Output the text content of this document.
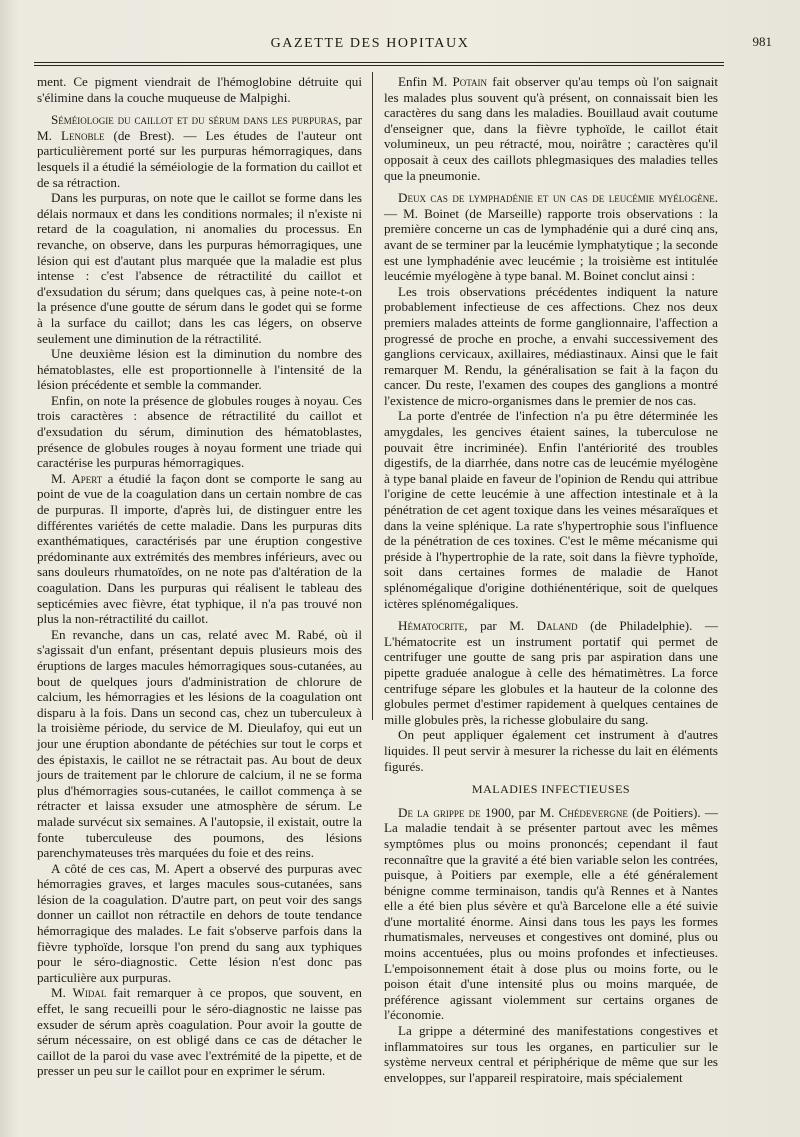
GAZETTE DES HOPITAUX	981

ment. Ce pigment viendrait de l'hémoglobine détruite qui s'élimine dans la couche muqueuse de Malpighi.

Séméiologie du caillot et du sérum dans les purpuras, par M. Lenoble (de Brest). — Les études de l'auteur ont particulièrement porté sur les purpuras hémorragiques, dans lesquels il a étudié la séméiologie de la formation du caillot et de sa rétraction.

Dans les purpuras, on note que le caillot se forme dans les délais normaux et dans les conditions normales; il n'existe ni retard de la coagulation, ni anomalies du processus. En revanche, on observe, dans les purpuras hémorragiques, une lésion qui est d'autant plus marquée que la maladie est plus intense : c'est l'absence de rétractilité du caillot et d'exsudation du sérum; dans quelques cas, à peine note-t-on la présence d'une goutte de sérum dans le godet qui se forme à la surface du caillot; dans les cas légers, on observe seulement une diminution de la rétractilité.

Une deuxième lésion est la diminution du nombre des hématoblastes, elle est proportionnelle à l'intensité de la lésion précédente et semble la commander.

Enfin, on note la présence de globules rouges à noyau. Ces trois caractères : absence de rétractilité du caillot et d'exsudation du sérum, diminution des hématoblastes, présence de globules rouges à noyau forment une triade qui caractérise les purpuras hémorragiques.

M. Apert a étudié la façon dont se comporte le sang au point de vue de la coagulation dans un certain nombre de cas de purpuras. Il importe, d'après lui, de distinguer entre les différentes variétés de cette maladie. Dans les purpuras dits exanthématiques, caractérisés par une éruption congestive prédominante aux extrémités des membres inférieurs, avec ou sans douleurs rhumatoïdes, on ne note pas d'altération de la coagulation. Dans les purpuras qui réalisent le tableau des septicémies avec fièvre, état typhique, il n'a pas trouvé non plus la non-rétractilité du caillot.

En revanche, dans un cas, relaté avec M. Rabé, où il s'agissait d'un enfant, présentant depuis plusieurs mois des éruptions de larges macules hémorragiques sous-cutanées, au bout de quelques jours d'administration de chlorure de calcium, les hémorragies et les lésions de la coagulation ont disparu à la fois. Dans un second cas, chez un tuberculeux à la troisième période, du service de M. Dieulafoy, qui eut un jour une éruption abondante de pétéchies sur tout le corps et des épistaxis, le caillot ne se rétractait pas. Au bout de deux jours de traitement par le chlorure de calcium, il ne se forma plus d'hémorragies sous-cutanées, le caillot commença à se rétracter et laissa exsuder une atmosphère de sérum. Le malade survécut six semaines. A l'autopsie, il existait, outre la fonte tuberculeuse des poumons, des lésions parenchymateuses très marquées du foie et des reins.

A côté de ces cas, M. Apert a observé des purpuras avec hémorragies graves, et larges macules sous-cutanées, sans lésion de la coagulation. D'autre part, on peut voir des sangs donner un caillot non rétractile en dehors de toute tendance hémorragique des malades. Le fait s'observe parfois dans la fièvre typhoïde, lorsque l'on prend du sang aux typhiques pour le séro-diagnostic. Cette lésion n'est donc pas particulière aux purpuras.

M. Widal fait remarquer à ce propos, que souvent, en effet, le sang recueilli pour le séro-diagnostic ne laisse pas exsuder de sérum après coagulation. Pour avoir la goutte de sérum nécessaire, on est obligé dans ce cas de détacher le caillot de la paroi du vase avec l'extrémité de la pipette, et de presser un peu sur le caillot pour en exprimer le sérum.

Enfin M. Potain fait observer qu'au temps où l'on saignait les malades plus souvent qu'à présent, on connaissait bien les caractères du sang dans les maladies. Bouillaud avait coutume d'enseigner que, dans la fièvre typhoïde, le caillot était volumineux, un peu rétracté, mou, noirâtre ; caractères qu'il opposait à ceux des caillots phlegmasiques des maladies telles que la pneumonie.

Deux cas de lymphadénie et un cas de leucémie myélogène. — M. Boinet (de Marseille) rapporte trois observations : la première concerne un cas de lymphadénie qui a duré cinq ans, avant de se terminer par la leucémie lymphatytique ; la seconde est une lymphadénie avec leucémie ; la troisième est intitulée leucémie myélogène à type banal. M. Boinet conclut ainsi :

Les trois observations précédentes indiquent la nature probablement infectieuse de ces affections. Chez nos deux premiers malades atteints de forme ganglionnaire, l'affection a progressé de proche en proche, a envahi successivement des ganglions cervicaux, axillaires, médiastinaux. Ainsi que le fait remarquer M. Rendu, la généralisation se fait à la façon du cancer. Du reste, l'examen des coupes des ganglions a montré l'existence de micro-organismes dans le premier de nos cas.

La porte d'entrée de l'infection n'a pu être déterminée les amygdales, les gencives étaient saines, la tuberculose ne pouvait être incriminée). Enfin l'antériorité des troubles digestifs, de la diarrhée, dans notre cas de leucémie myélogène à type banal plaide en faveur de l'opinion de Rendu qui attribue l'origine de cette leucémie à une affection intestinale et à la pénétration de cet agent toxique dans les veines mésaraïques et dans la veine splénique. La rate s'hypertrophie sous l'influence de la pénétration de ces toxines. C'est le même mécanisme qui préside à l'hypertrophie de la rate, soit dans la fièvre typhoïde, soit dans certaines formes de maladie de Hanot splénomégalique d'origine dothiénentérique, soit de quelques ictères splénomégaliques.

Hématocrite, par M. Daland (de Philadelphie). — L'hématocrite est un instrument portatif qui permet de centrifuger une goutte de sang pris par aspiration dans une pipette graduée analogue à celle des hématimètres. La force centrifuge sépare les globules et la hauteur de la colonne des globules permet d'estimer rapidement à quelques centaines de mille globules près, la richesse globulaire du sang.

On peut appliquer également cet instrument à d'autres liquides. Il peut servir à mesurer la richesse du lait en éléments figurés.

MALADIES INFECTIEUSES

De la grippe de 1900, par M. Chédevergne (de Poitiers). — La maladie tendait à se présenter partout avec les mêmes symptômes plus ou moins prononcés; cependant il faut reconnaître que la gravité a été bien variable selon les contrées, puisque, à Poitiers par exemple, elle a été généralement bénigne comme terminaison, tandis qu'à Rennes et à Nantes elle a été bien plus sévère et qu'à Barcelone elle a été suivie d'une mortalité énorme. Ainsi dans tous les pays les formes rhumatismales, nerveuses et congestives ont dominé, plus ou moins accentuées, plus ou moins profondes et infectieuses. L'empoisonnement était à dose plus ou moins forte, ou le poison était d'une intensité plus ou moins marquée, de préférence agissant violemment sur certains organes de l'économie.

La grippe a déterminé des manifestations congestives et inflammatoires sur tous les organes, en particulier sur le système nerveux central et périphérique de même que sur les enveloppes, sur l'appareil respiratoire, mais spécialement
